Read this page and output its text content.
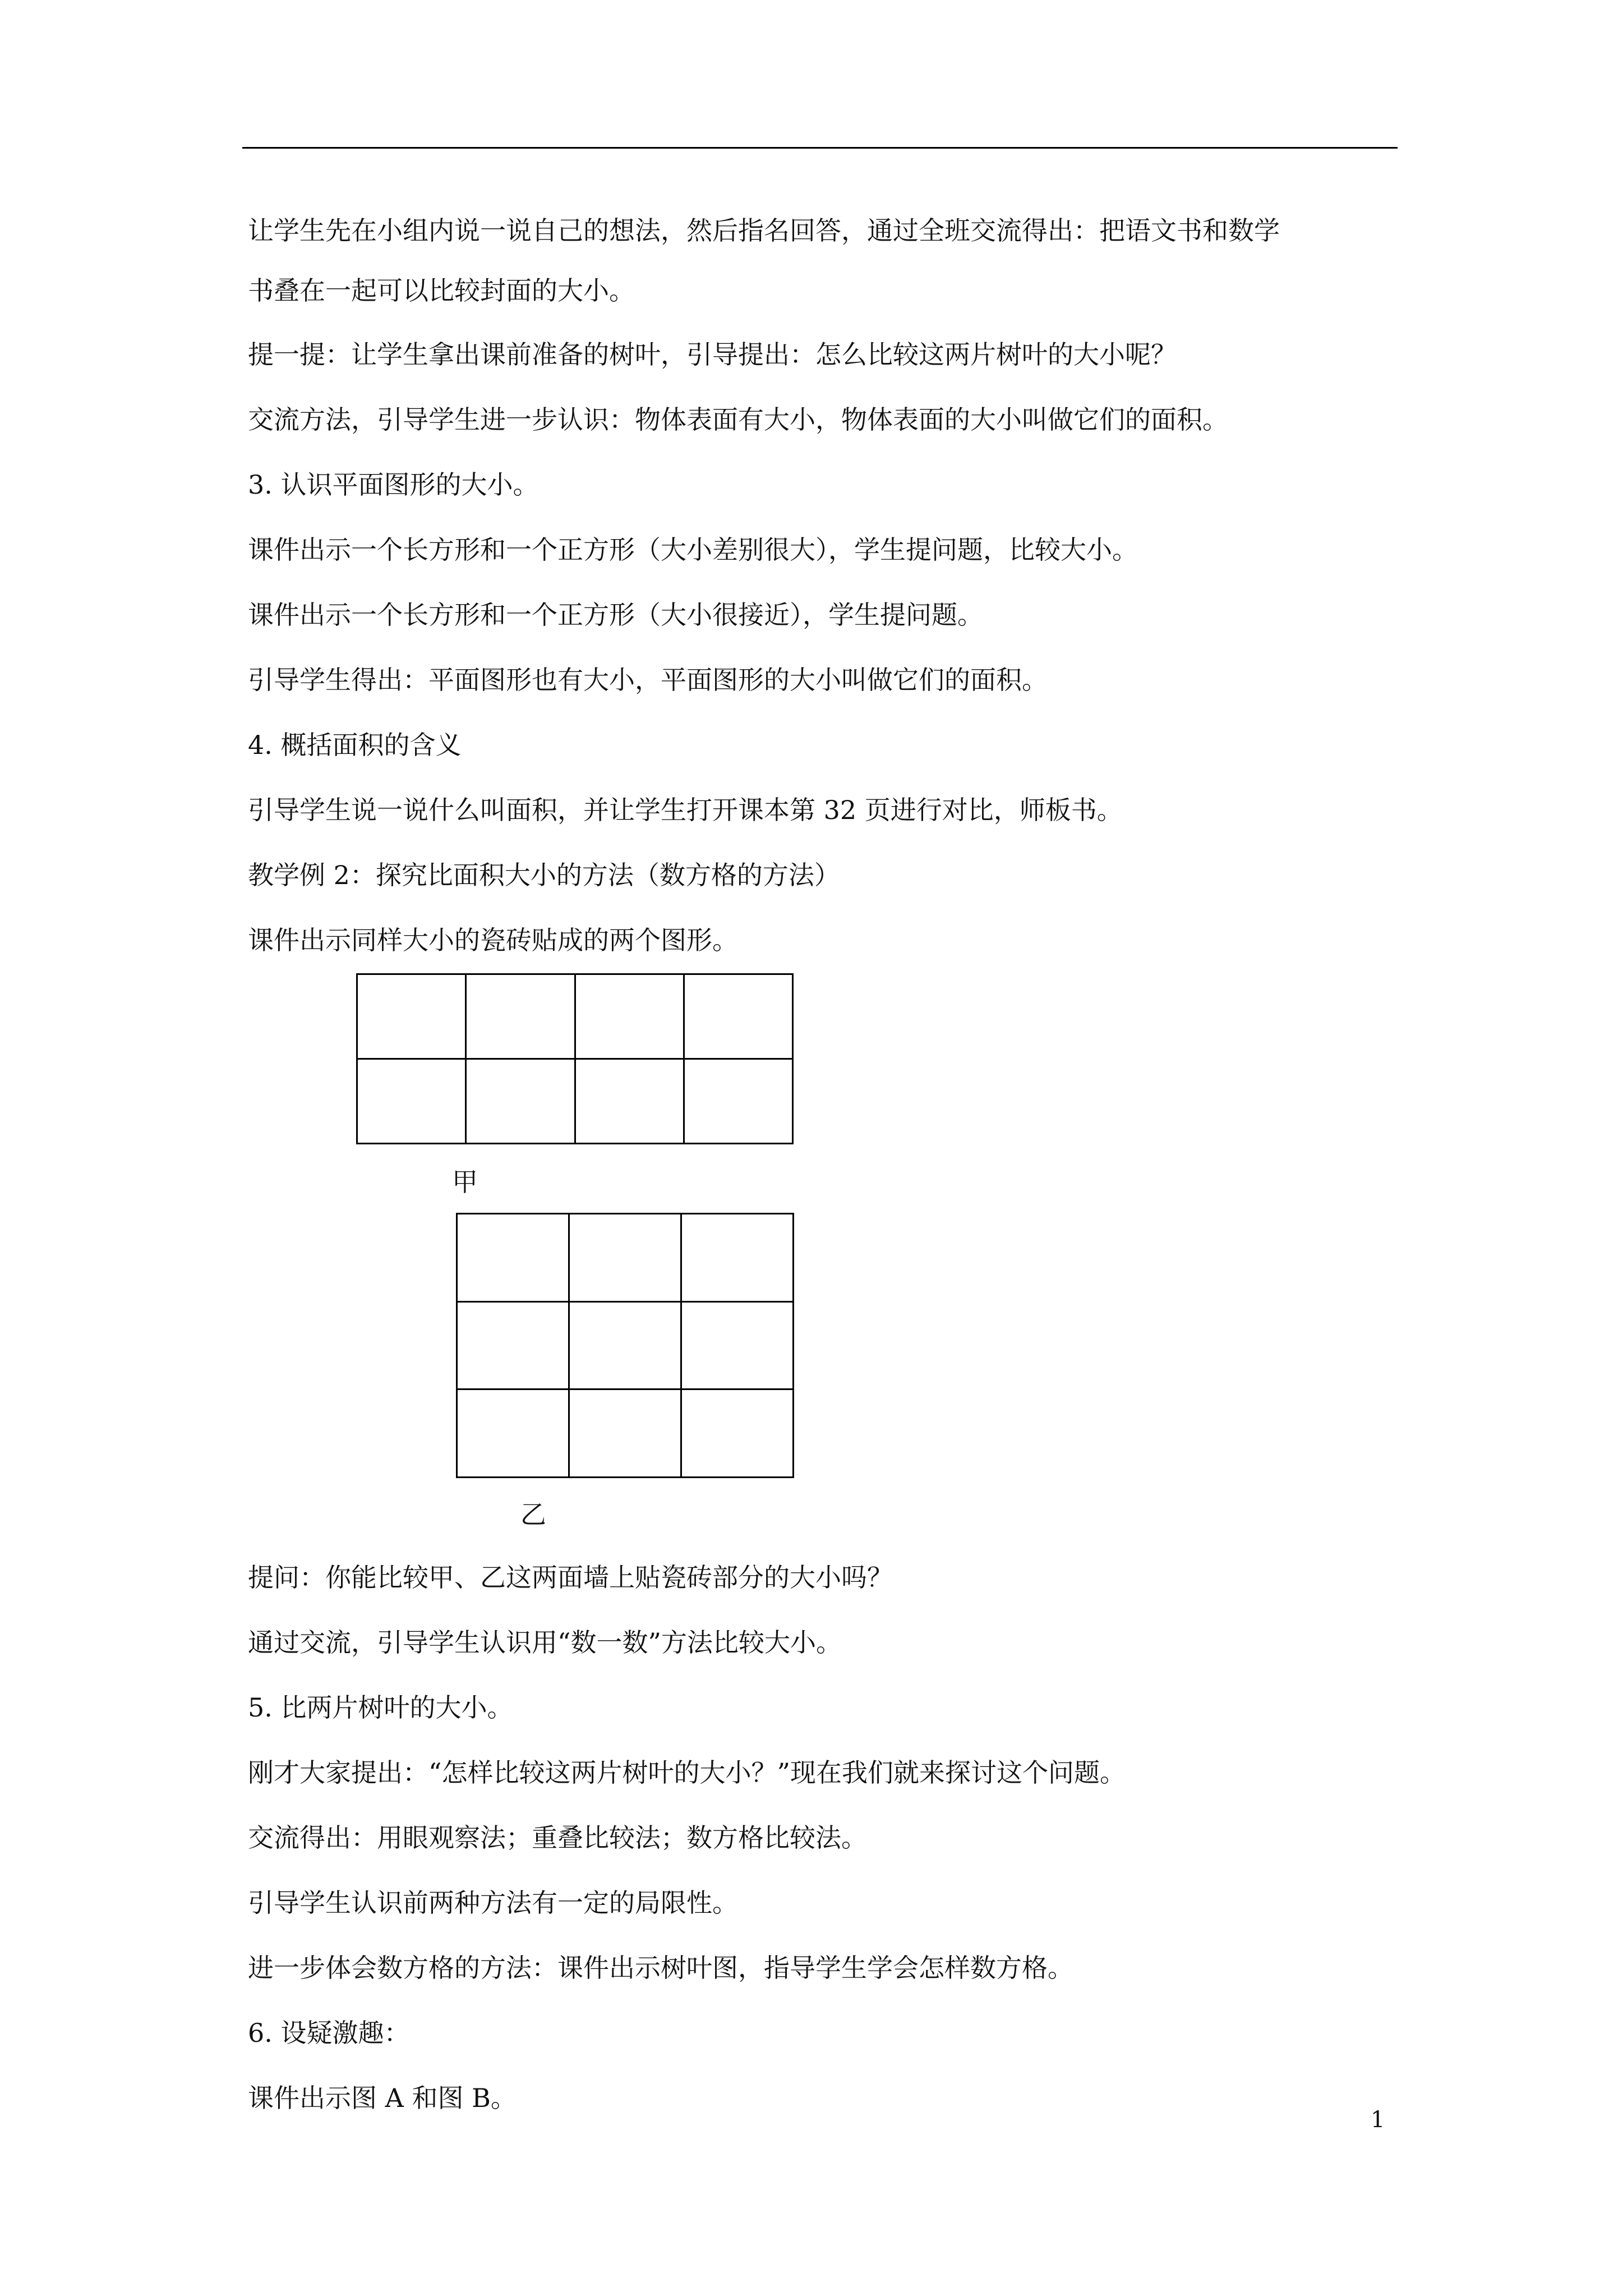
让学生先在小组内说一说自己的想法，然后指名回答，通过全班交流得出：把语文书和数学

书叠在一起可以比较封面的大小。

提一提：让学生拿出课前准备的树叶，引导提出：怎么比较这两片树叶的大小呢？

交流方法，引导学生进一步认识：物体表面有大小，物体表面的大小叫做它们的面积。

3. 认识平面图形的大小。

课件出示一个长方形和一个正方形（大小差别很大），学生提问题，比较大小。

课件出示一个长方形和一个正方形（大小很接近），学生提问题。

引导学生得出：平面图形也有大小，平面图形的大小叫做它们的面积。

4. 概括面积的含义

引导学生说一说什么叫面积，并让学生打开课本第 32 页进行对比，师板书。

教学例 2：探究比面积大小的方法（数方格的方法）

课件出示同样大小的瓷砖贴成的两个图形。

甲

乙

提问：你能比较甲、乙这两面墙上贴瓷砖部分的大小吗？

通过交流，引导学生认识用“数一数”方法比较大小。

5. 比两片树叶的大小。

刚才大家提出：“怎样比较这两片树叶的大小？”现在我们就来探讨这个问题。

交流得出：用眼观察法；重叠比较法；数方格比较法。

引导学生认识前两种方法有一定的局限性。

进一步体会数方格的方法：课件出示树叶图，指导学生学会怎样数方格。

6. 设疑激趣：

课件出示图 A 和图 B。

1
